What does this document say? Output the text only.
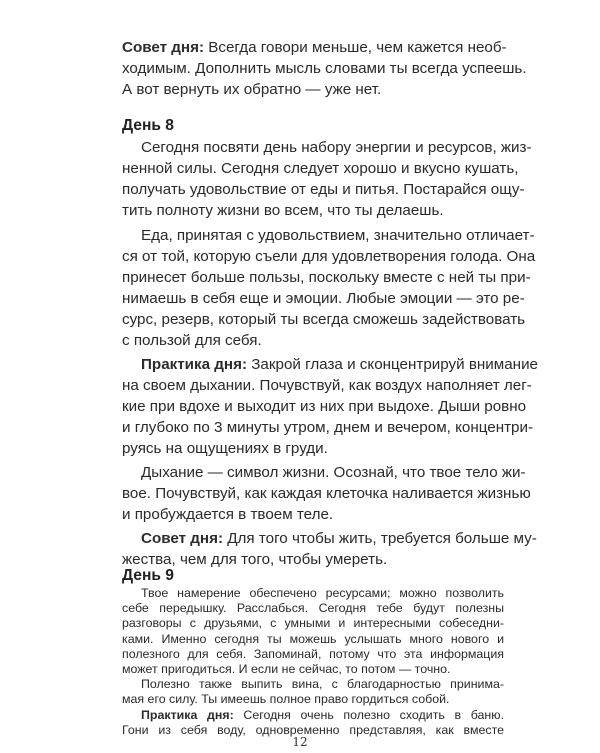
Совет дня: Всегда говори меньше, чем кажется необ-
ходимым. Дополнить мысль словами ты всегда успеешь.
А вот вернуть их обратно — уже нет.
День 8
Сегодня посвяти день набору энергии и ресурсов, жиз-
ненной силы. Сегодня следует хорошо и вкусно кушать,
получать удовольствие от еды и питья. Постарайся ощу-
тить полноту жизни во всем, что ты делаешь.
Еда, принятая с удовольствием, значительно отличает-
ся от той, которую съели для удовлетворения голода. Она
принесет больше пользы, поскольку вместе с ней ты при-
нимаешь в себя еще и эмоции. Любые эмоции — это ре-
сурс, резерв, который ты всегда сможешь задействовать
с пользой для себя.
Практика дня: Закрой глаза и сконцентрируй внимание
на своем дыхании. Почувствуй, как воздух наполняет лег-
кие при вдохе и выходит из них при выдохе. Дыши ровно
и глубоко по 3 минуты утром, днем и вечером, концентри-
руясь на ощущениях в груди.
Дыхание — символ жизни. Осознай, что твое тело жи-
вое. Почувствуй, как каждая клеточка наливается жизнью
и пробуждается в твоем теле.
Совет дня: Для того чтобы жить, требуется больше му-
жества, чем для того, чтобы умереть.
День 9
Твое намерение обеспечено ресурсами; можно позволить
себе передышку. Расслабься. Сегодня тебе будут полезны
разговоры с друзьями, с умными и интересными собеседни-
ками. Именно сегодня ты можешь услышать много нового и
полезного для себя. Запоминай, потому что эта информация
может пригодиться. И если не сейчас, то потом — точно.
Полезно также выпить вина, с благодарностью принима-
мая его силу. Ты имеешь полное право гордиться собой.
Практика дня: Сегодня очень полезно сходить в баню.
Гони из себя воду, одновременно представляя, как вместе
12
